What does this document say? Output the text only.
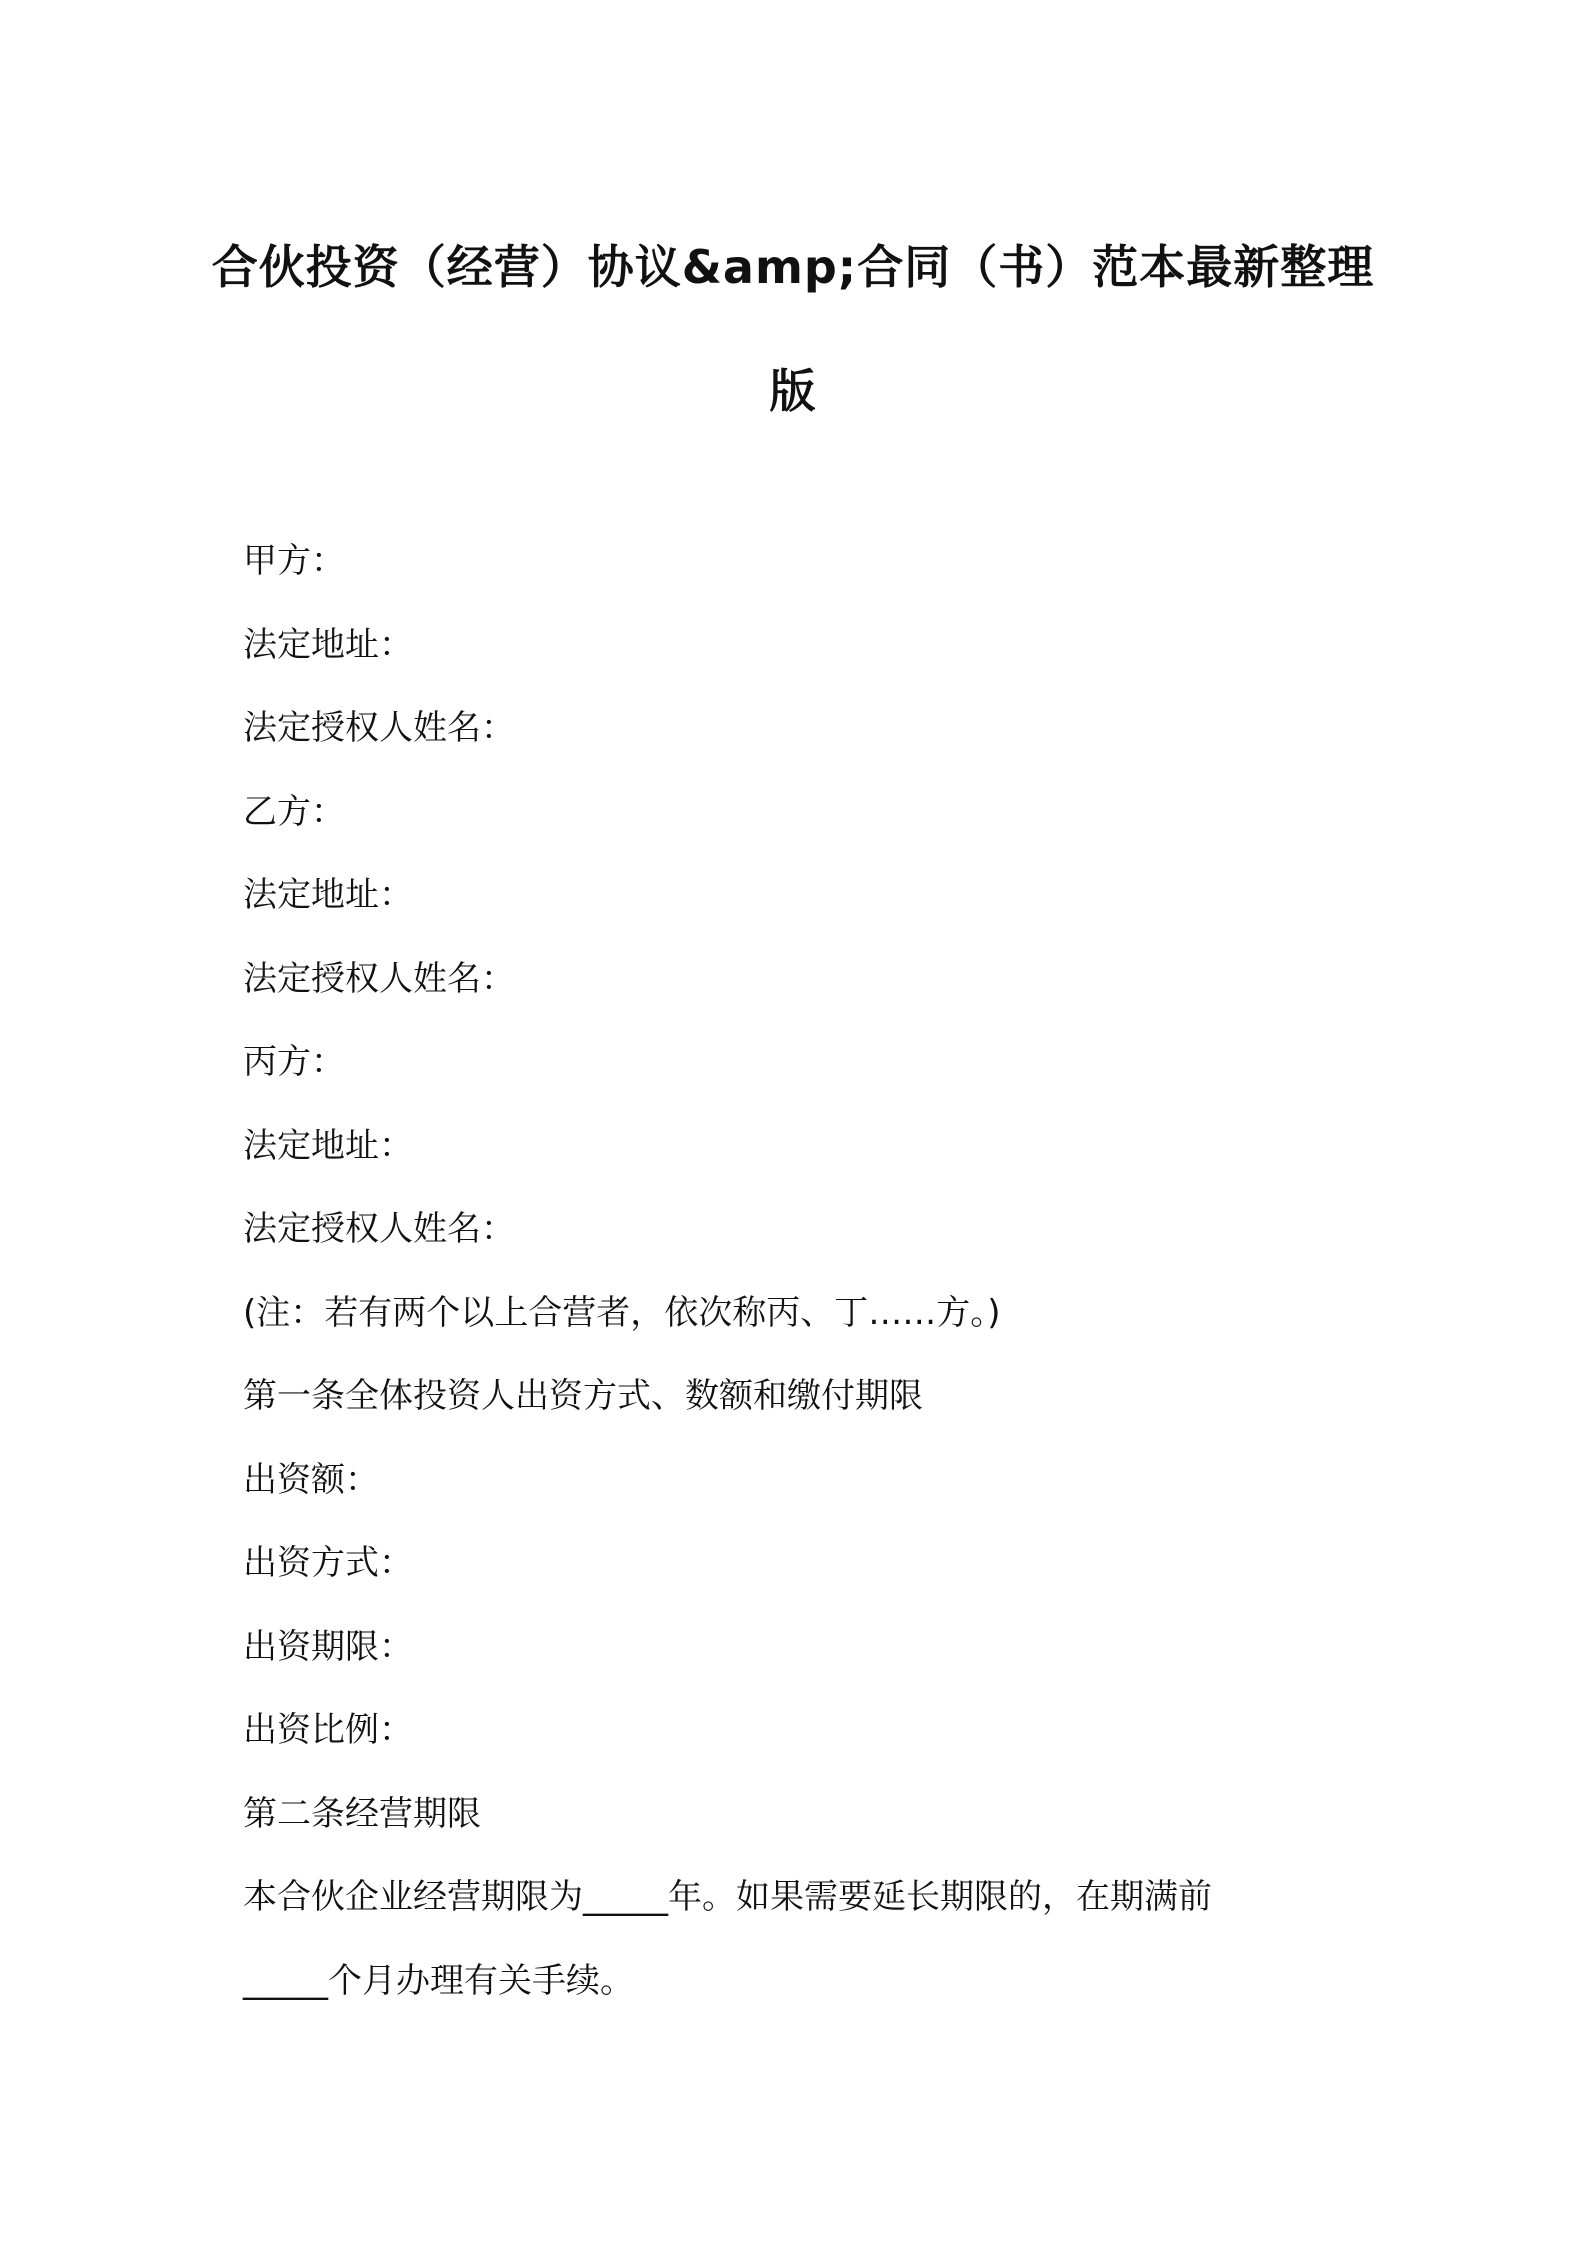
合伙投资（经营）协议&amp;合同（书）范本最新整理版

甲方：

法定地址：

法定授权人姓名：

乙方：

法定地址：

法定授权人姓名：

丙方：

法定地址：

法定授权人姓名：

(注：若有两个以上合营者，依次称丙、丁……方。)

第一条全体投资人出资方式、数额和缴付期限

出资额：

出资方式：

出资期限：

出资比例：

第二条经营期限

本合伙企业经营期限为_____年。如果需要延长期限的，在期满前

_____个月办理有关手续。
